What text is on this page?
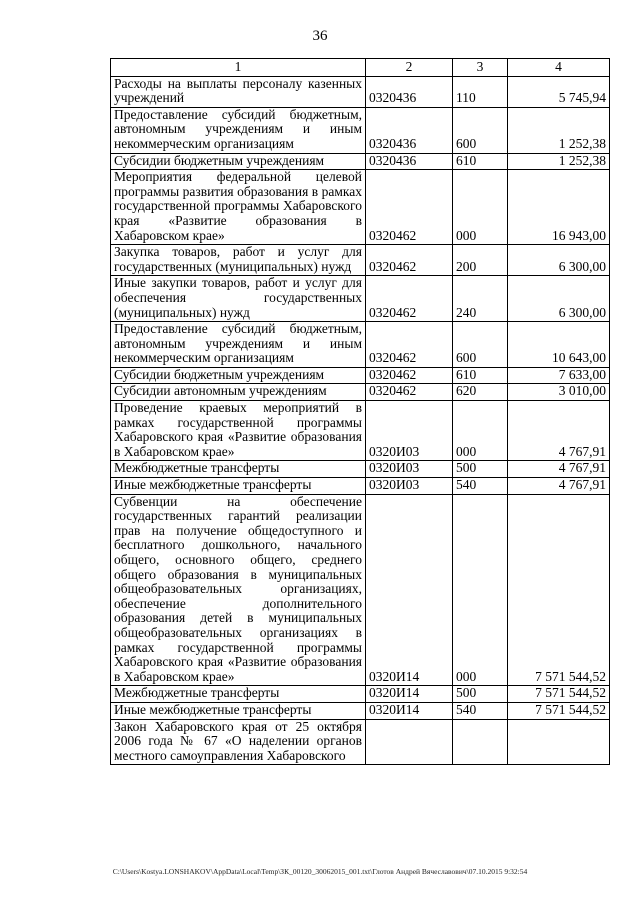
36
1	2	3	4
Расходы на выплаты персоналу казенных учреждений	0320436	110	5 745,94
Предоставление субсидий бюджетным, автономным учреждениям и иным некоммерческим организациям	0320436	600	1 252,38
Субсидии бюджетным учреждениям	0320436	610	1 252,38
Мероприятия федеральной целевой программы развития образования в рамках государственной программы Хабаровского края «Развитие образования в Хабаровском крае»	0320462	000	16 943,00
Закупка товаров, работ и услуг для государственных (муниципальных) нужд	0320462	200	6 300,00
Иные закупки товаров, работ и услуг для обеспечения государственных (муниципальных) нужд	0320462	240	6 300,00
Предоставление субсидий бюджетным, автономным учреждениям и иным некоммерческим организациям	0320462	600	10 643,00
Субсидии бюджетным учреждениям	0320462	610	7 633,00
Субсидии автономным учреждениям	0320462	620	3 010,00
Проведение краевых мероприятий в рамках государственной программы Хабаровского края «Развитие образования в Хабаровском крае»	0320И03	000	4 767,91
Межбюджетные трансферты	0320И03	500	4 767,91
Иные межбюджетные трансферты	0320И03	540	4 767,91
Субвенции на обеспечение государственных гарантий реализации прав на получение общедоступного и бесплатного дошкольного, начального общего, основного общего, среднего общего образования в муниципальных общеобразовательных организациях, обеспечение дополнительного образования детей в муниципальных общеобразовательных организациях в рамках государственной программы Хабаровского края «Развитие образования в Хабаровском крае»	0320И14	000	7 571 544,52
Межбюджетные трансферты	0320И14	500	7 571 544,52
Иные межбюджетные трансферты	0320И14	540	7 571 544,52
Закон Хабаровского края от 25 октября 2006 года № 67 «О наделении органов местного самоуправления Хабаровского			
C:\Users\Kostya.LONSHAKOV\AppData\Local\Temp\ЗК_00120_30062015_001.txt\Глотов Андрей Вячеславович\07.10.2015 9:32:54
